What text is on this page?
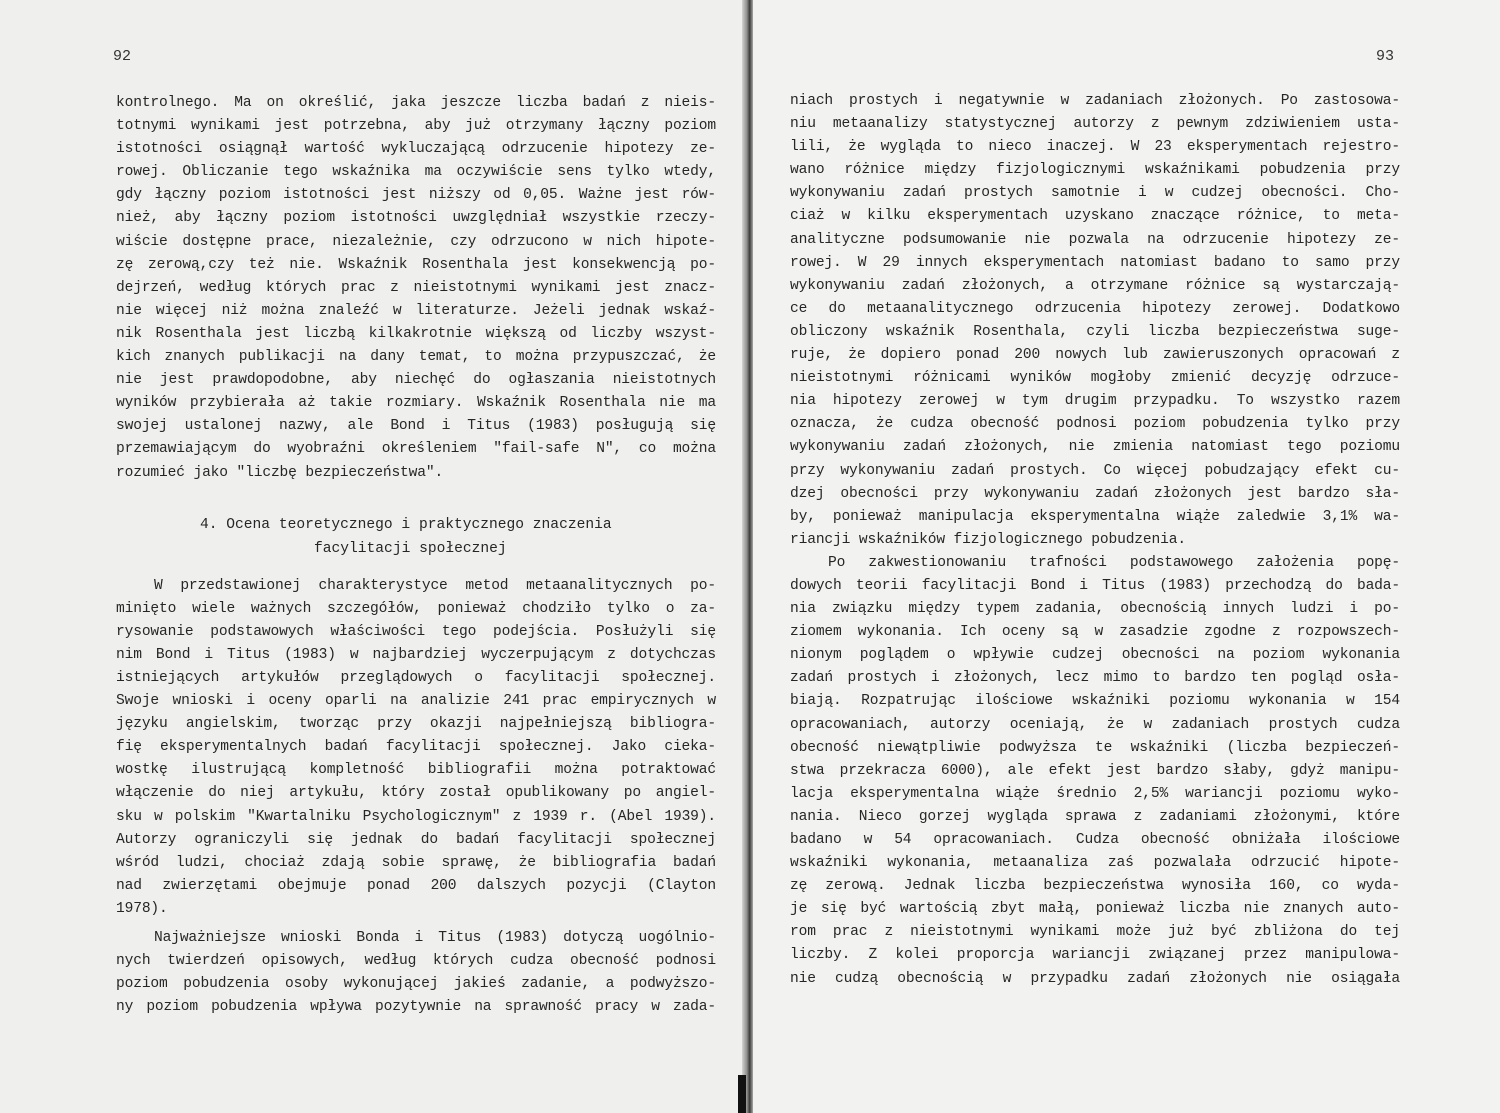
92
kontrolnego. Ma on określić, jaka jeszcze liczba badań z nieis-
totnymi wynikami jest potrzebna, aby już otrzymany łączny poziom
istotności osiągnął wartość wykluczającą odrzucenie hipotezy ze-
rowej. Obliczanie tego wskaźnika ma oczywiście sens tylko wtedy,
gdy łączny poziom istotności jest niższy od 0,05. Ważne jest rów-
nież, aby łączny poziom istotności uwzględniał wszystkie rzeczy-
wiście dostępne prace, niezależnie, czy odrzucono w nich hipote-
zę zerową,czy też nie. Wskaźnik Rosenthala jest konsekwencją po-
dejrzeń, według których prac z nieistotnymi wynikami jest znacz-
nie więcej niż można znaleźć w literaturze. Jeżeli jednak wskaź-
nik Rosenthala jest liczbą kilkakrotnie większą od liczby wszyst-
kich znanych publikacji na dany temat, to można przypuszczać, że
nie jest prawdopodobne, aby niechęć do ogłaszania nieistotnych
wyników przybierała aż takie rozmiary. Wskaźnik Rosenthala nie ma
swojej ustalonej nazwy, ale Bond i Titus (1983) posługują się
przemawiającym do wyobraźni określeniem "fail-safe N", co można
rozumieć jako "liczbę bezpieczeństwa".
4. Ocena teoretycznego i praktycznego znaczenia
facylitacji społecznej
W przedstawionej charakterystyce metod metaanalitycznych po-
minięto wiele ważnych szczegółów, ponieważ chodziło tylko o za-
rysowanie podstawowych właściwości tego podejścia. Posłużyli się
nim Bond i Titus (1983) w najbardziej wyczerpującym z dotychczas
istniejących artykułów przeglądowych o facylitacji społecznej.
Swoje wnioski i oceny oparli na analizie 241 prac empirycznych w
języku angielskim, tworząc przy okazji najpełniejszą bibliogra-
fię eksperymentalnych badań facylitacji społecznej. Jako cieka-
wostkę ilustrującą kompletność bibliografii można potraktować
włączenie do niej artykułu, który został opublikowany po angiel-
sku w polskim "Kwartalniku Psychologicznym" z 1939 r. (Abel 1939).
Autorzy ograniczyli się jednak do badań facylitacji społecznej
wśród ludzi, chociaż zdają sobie sprawę, że bibliografia badań
nad zwierzętami obejmuje ponad 200 dalszych pozycji (Clayton
1978).
Najważniejsze wnioski Bonda i Titus (1983) dotyczą uogólnio-
nych twierdzeń opisowych, według których cudza obecność podnosi
poziom pobudzenia osoby wykonującej jakieś zadanie, a podwyższo-
ny poziom pobudzenia wpływa pozytywnie na sprawność pracy w zada-
93
niach prostych i negatywnie w zadaniach złożonych. Po zastosowa-
niu metaanalizy statystycznej autorzy z pewnym zdziwieniem usta-
lili, że wygląda to nieco inaczej. W 23 eksperymentach rejestro-
wano różnice między fizjologicznymi wskaźnikami pobudzenia przy
wykonywaniu zadań prostych samotnie i w cudzej obecności. Cho-
ciaż w kilku eksperymentach uzyskano znaczące różnice, to meta-
analityczne podsumowanie nie pozwala na odrzucenie hipotezy ze-
rowej. W 29 innych eksperymentach natomiast badano to samo przy
wykonywaniu zadań złożonych, a otrzymane różnice są wystarczają-
ce do metaanalitycznego odrzucenia hipotezy zerowej. Dodatkowo
obliczony wskaźnik Rosenthala, czyli liczba bezpieczeństwa suge-
ruje, że dopiero ponad 200 nowych lub zawieruszonych opracowań z
nieistotnymi różnicami wyników mogłoby zmienić decyzję odrzuce-
nia hipotezy zerowej w tym drugim przypadku. To wszystko razem
oznacza, że cudza obecność podnosi poziom pobudzenia tylko przy
wykonywaniu zadań złożonych, nie zmienia natomiast tego poziomu
przy wykonywaniu zadań prostych. Co więcej pobudzający efekt cu-
dzej obecności przy wykonywaniu zadań złożonych jest bardzo sła-
by, ponieważ manipulacja eksperymentalna wiąże zaledwie 3,1% wa-
riancji wskaźników fizjologicznego pobudzenia.
Po zakwestionowaniu trafności podstawowego założenia popę-
dowych teorii facylitacji Bond i Titus (1983) przechodzą do bada-
nia związku między typem zadania, obecnością innych ludzi i po-
ziomem wykonania. Ich oceny są w zasadzie zgodne z rozpowszech-
nionym poglądem o wpływie cudzej obecności na poziom wykonania
zadań prostych i złożonych, lecz mimo to bardzo ten pogląd osła-
biają. Rozpatrując ilościowe wskaźniki poziomu wykonania w 154
opracowaniach, autorzy oceniają, że w zadaniach prostych cudza
obecność niewątpliwie podwyższa te wskaźniki (liczba bezpieczeń-
stwa przekracza 6000), ale efekt jest bardzo słaby, gdyż manipu-
lacja eksperymentalna wiąże średnio 2,5% wariancji poziomu wyko-
nania. Nieco gorzej wygląda sprawa z zadaniami złożonymi, które
badano w 54 opracowaniach. Cudza obecność obniżała ilościowe
wskaźniki wykonania, metaanaliza zaś pozwalała odrzucić hipote-
zę zerową. Jednak liczba bezpieczeństwa wynosiła 160, co wyda-
je się być wartością zbyt małą, ponieważ liczba nie znanych auto-
rom prac z nieistotnymi wynikami może już być zbliżona do tej
liczby. Z kolei proporcja wariancji związanej przez manipulowa-
nie cudzą obecnością w przypadku zadań złożonych nie osiągała
